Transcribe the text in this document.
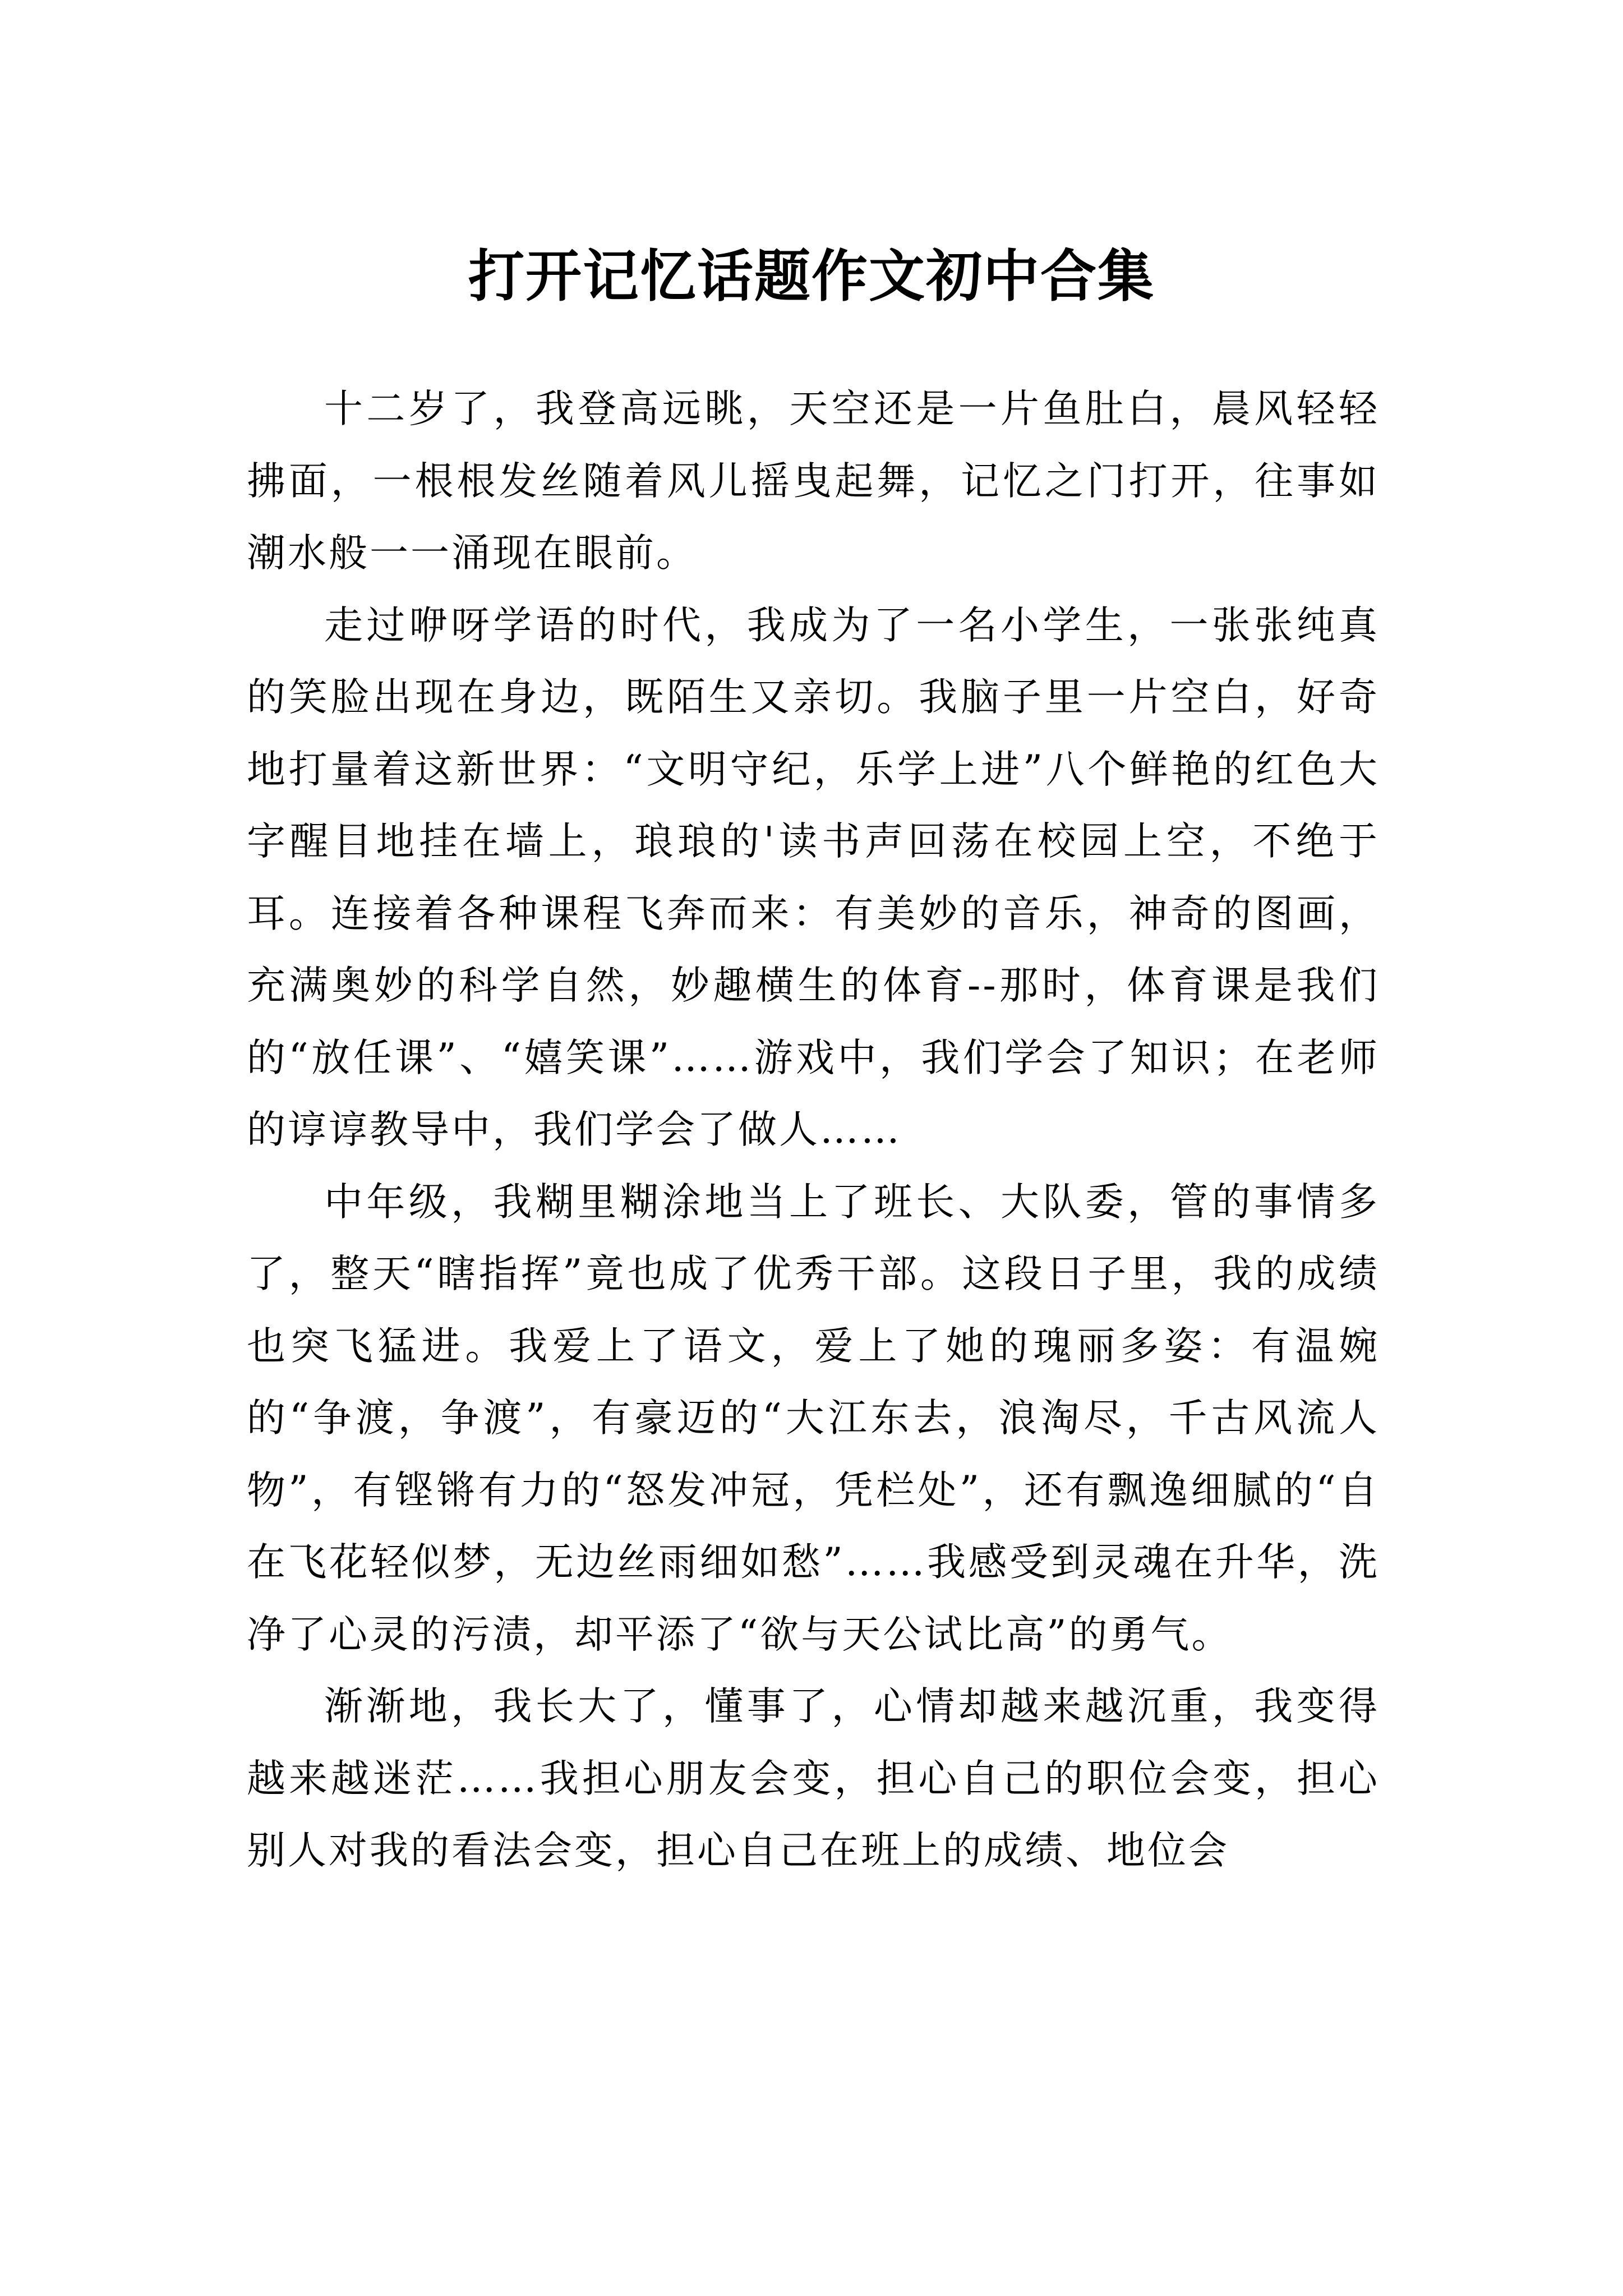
打开记忆话题作文初中合集

十二岁了，我登高远眺，天空还是一片鱼肚白，晨风轻轻拂面，一根根发丝随着风儿摇曳起舞，记忆之门打开，往事如潮水般一一涌现在眼前。

走过咿呀学语的时代，我成为了一名小学生，一张张纯真的笑脸出现在身边，既陌生又亲切。我脑子里一片空白，好奇地打量着这新世界：“文明守纪，乐学上进”八个鲜艳的红色大字醒目地挂在墙上，琅琅的'读书声回荡在校园上空，不绝于耳。连接着各种课程飞奔而来：有美妙的音乐，神奇的图画，充满奥妙的科学自然，妙趣横生的体育--那时，体育课是我们的“放任课”、“嬉笑课”……游戏中，我们学会了知识；在老师的谆谆教导中，我们学会了做人……

中年级，我糊里糊涂地当上了班长、大队委，管的事情多了，整天“瞎指挥”竟也成了优秀干部。这段日子里，我的成绩也突飞猛进。我爱上了语文，爱上了她的瑰丽多姿：有温婉的“争渡，争渡”，有豪迈的“大江东去，浪淘尽，千古风流人物”，有铿锵有力的“怒发冲冠，凭栏处”，还有飘逸细腻的“自在飞花轻似梦，无边丝雨细如愁”……我感受到灵魂在升华，洗净了心灵的污渍，却平添了“欲与天公试比高”的勇气。

渐渐地，我长大了，懂事了，心情却越来越沉重，我变得越来越迷茫……我担心朋友会变，担心自己的职位会变，担心别人对我的看法会变，担心自己在班上的成绩、地位会
